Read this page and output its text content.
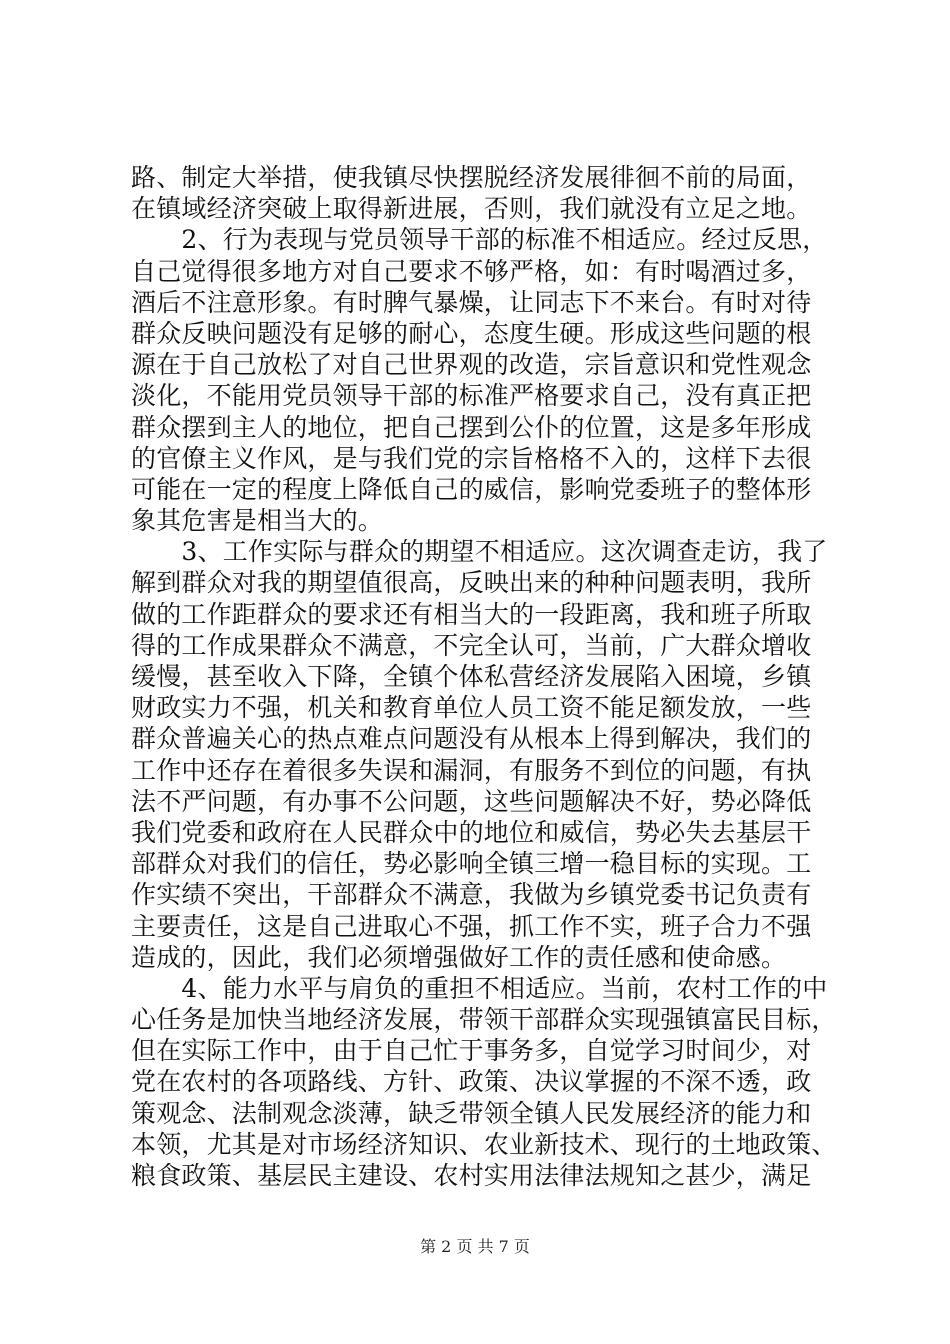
路、制定大举措，使我镇尽快摆脱经济发展徘徊不前的局面，
在镇域经济突破上取得新进展，否则，我们就没有立足之地。
　　2、行为表现与党员领导干部的标准不相适应。经过反思，
自己觉得很多地方对自己要求不够严格，如：有时喝酒过多，
酒后不注意形象。有时脾气暴燥，让同志下不来台。有时对待
群众反映问题没有足够的耐心，态度生硬。形成这些问题的根
源在于自己放松了对自己世界观的改造，宗旨意识和党性观念
淡化，不能用党员领导干部的标准严格要求自己，没有真正把
群众摆到主人的地位，把自己摆到公仆的位置，这是多年形成
的官僚主义作风，是与我们党的宗旨格格不入的，这样下去很
可能在一定的程度上降低自己的威信，影响党委班子的整体形
象其危害是相当大的。
　　3、工作实际与群众的期望不相适应。这次调查走访，我了
解到群众对我的期望值很高，反映出来的种种问题表明，我所
做的工作距群众的要求还有相当大的一段距离，我和班子所取
得的工作成果群众不满意，不完全认可，当前，广大群众增收
缓慢，甚至收入下降，全镇个体私营经济发展陷入困境，乡镇
财政实力不强，机关和教育单位人员工资不能足额发放，一些
群众普遍关心的热点难点问题没有从根本上得到解决，我们的
工作中还存在着很多失误和漏洞，有服务不到位的问题，有执
法不严问题，有办事不公问题，这些问题解决不好，势必降低
我们党委和政府在人民群众中的地位和威信，势必失去基层干
部群众对我们的信任，势必影响全镇三增一稳目标的实现。工
作实绩不突出，干部群众不满意，我做为乡镇党委书记负责有
主要责任，这是自己进取心不强，抓工作不实，班子合力不强
造成的，因此，我们必须增强做好工作的责任感和使命感。
　　4、能力水平与肩负的重担不相适应。当前，农村工作的中
心任务是加快当地经济发展，带领干部群众实现强镇富民目标，
但在实际工作中，由于自己忙于事务多，自觉学习时间少，对
党在农村的各项路线、方针、政策、决议掌握的不深不透，政
策观念、法制观念淡薄，缺乏带领全镇人民发展经济的能力和
本领，尤其是对市场经济知识、农业新技术、现行的土地政策、
粮食政策、基层民主建设、农村实用法律法规知之甚少，满足
第 2 页 共 7 页
